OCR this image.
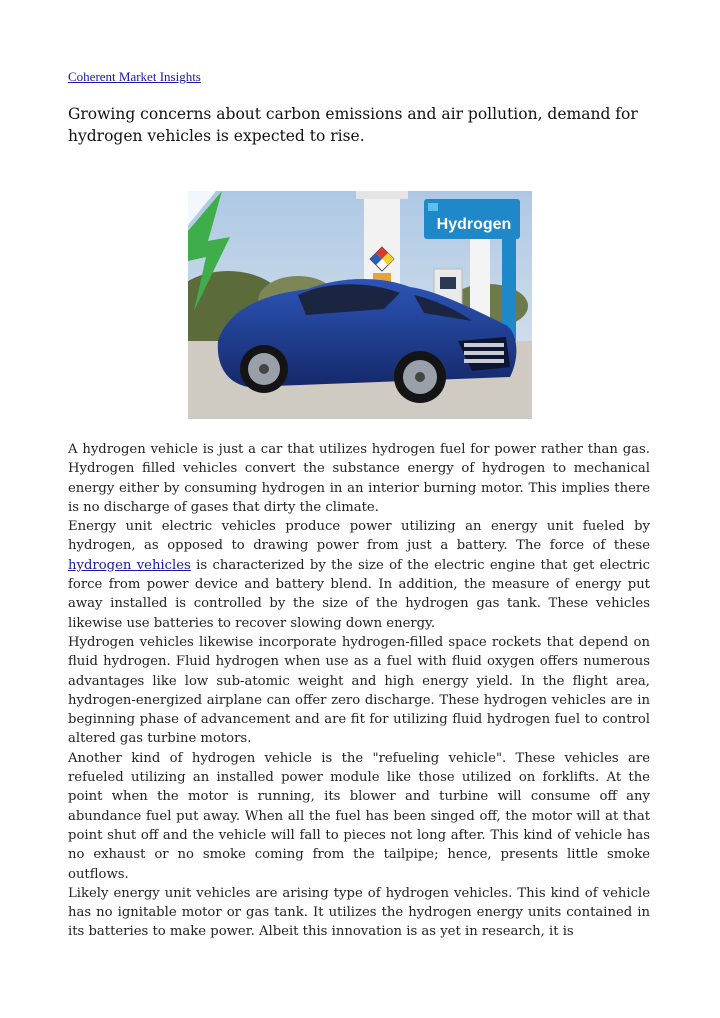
Coherent Market Insights
Growing concerns about carbon emissions and air pollution, demand for hydrogen vehicles is expected to rise.
Hydrogen

A hydrogen vehicle is just a car that utilizes hydrogen fuel for power rather than gas. Hydrogen filled vehicles convert the substance energy of hydrogen to mechanical energy either by consuming hydrogen in an interior burning motor. This implies there is no discharge of gases that dirty the climate.

Energy unit electric vehicles produce power utilizing an energy unit fueled by hydrogen, as opposed to drawing power from just a battery. The force of these hydrogen vehicles is characterized by the size of the electric engine that get electric force from power device and battery blend. In addition, the measure of energy put away installed is controlled by the size of the hydrogen gas tank. These vehicles likewise use batteries to recover slowing down energy.

Hydrogen vehicles likewise incorporate hydrogen-filled space rockets that depend on fluid hydrogen. Fluid hydrogen when use as a fuel with fluid oxygen offers numerous advantages like low sub-atomic weight and high energy yield. In the flight area, hydrogen-energized airplane can offer zero discharge. These hydrogen vehicles are in beginning phase of advancement and are fit for utilizing fluid hydrogen fuel to control altered gas turbine motors.

Another kind of hydrogen vehicle is the "refueling vehicle". These vehicles are refueled utilizing an installed power module like those utilized on forklifts. At the point when the motor is running, its blower and turbine will consume off any abundance fuel put away. When all the fuel has been singed off, the motor will at that point shut off and the vehicle will fall to pieces not long after. This kind of vehicle has no exhaust or no smoke coming from the tailpipe; hence, presents little smoke outflows.

Likely energy unit vehicles are arising type of hydrogen vehicles. This kind of vehicle has no ignitable motor or gas tank. It utilizes the hydrogen energy units contained in its batteries to make power. Albeit this innovation is as yet in research, it is
